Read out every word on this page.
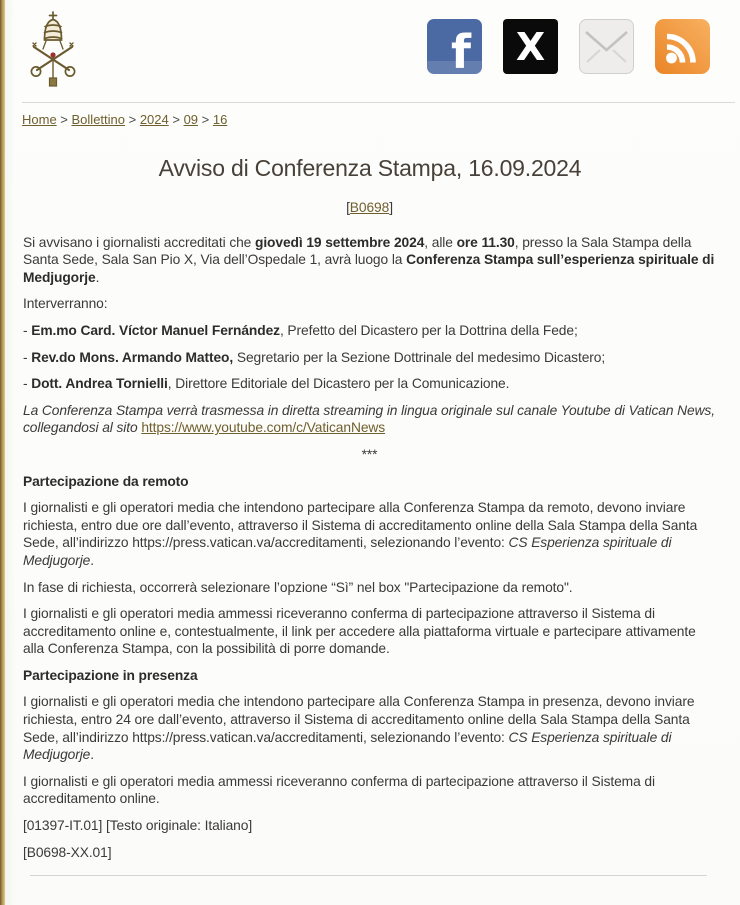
f X
Home > Bollettino > 2024 > 09 > 16
Avviso di Conferenza Stampa, 16.09.2024

[B0698]

Si avvisano i giornalisti accreditati che giovedì 19 settembre 2024, alle ore 11.30, presso la Sala Stampa della Santa Sede, Sala San Pio X, Via dell’Ospedale 1, avrà luogo la Conferenza Stampa sull’esperienza spirituale di Medjugorje.

Interverranno:

- Em.mo Card. Víctor Manuel Fernández, Prefetto del Dicastero per la Dottrina della Fede;

- Rev.do Mons. Armando Matteo, Segretario per la Sezione Dottrinale del medesimo Dicastero;

- Dott. Andrea Tornielli, Direttore Editoriale del Dicastero per la Comunicazione.

La Conferenza Stampa verrà trasmessa in diretta streaming in lingua originale sul canale Youtube di Vatican News, collegandosi al sito https://www.youtube.com/c/VaticanNews

***

Partecipazione da remoto

I giornalisti e gli operatori media che intendono partecipare alla Conferenza Stampa da remoto, devono inviare richiesta, entro due ore dall’evento, attraverso il Sistema di accreditamento online della Sala Stampa della Santa Sede, all’indirizzo https://press.vatican.va/accreditamenti, selezionando l’evento: CS Esperienza spirituale di Medjugorje.

In fase di richiesta, occorrerà selezionare l’opzione “Sì” nel box "Partecipazione da remoto".

I giornalisti e gli operatori media ammessi riceveranno conferma di partecipazione attraverso il Sistema di accreditamento online e, contestualmente, il link per accedere alla piattaforma virtuale e partecipare attivamente alla Conferenza Stampa, con la possibilità di porre domande.

Partecipazione in presenza

I giornalisti e gli operatori media che intendono partecipare alla Conferenza Stampa in presenza, devono inviare richiesta, entro 24 ore dall’evento, attraverso il Sistema di accreditamento online della Sala Stampa della Santa Sede, all’indirizzo https://press.vatican.va/accreditamenti, selezionando l’evento: CS Esperienza spirituale di Medjugorje.

I giornalisti e gli operatori media ammessi riceveranno conferma di partecipazione attraverso il Sistema di accreditamento online.

[01397-IT.01] [Testo originale: Italiano]

[B0698-XX.01]
